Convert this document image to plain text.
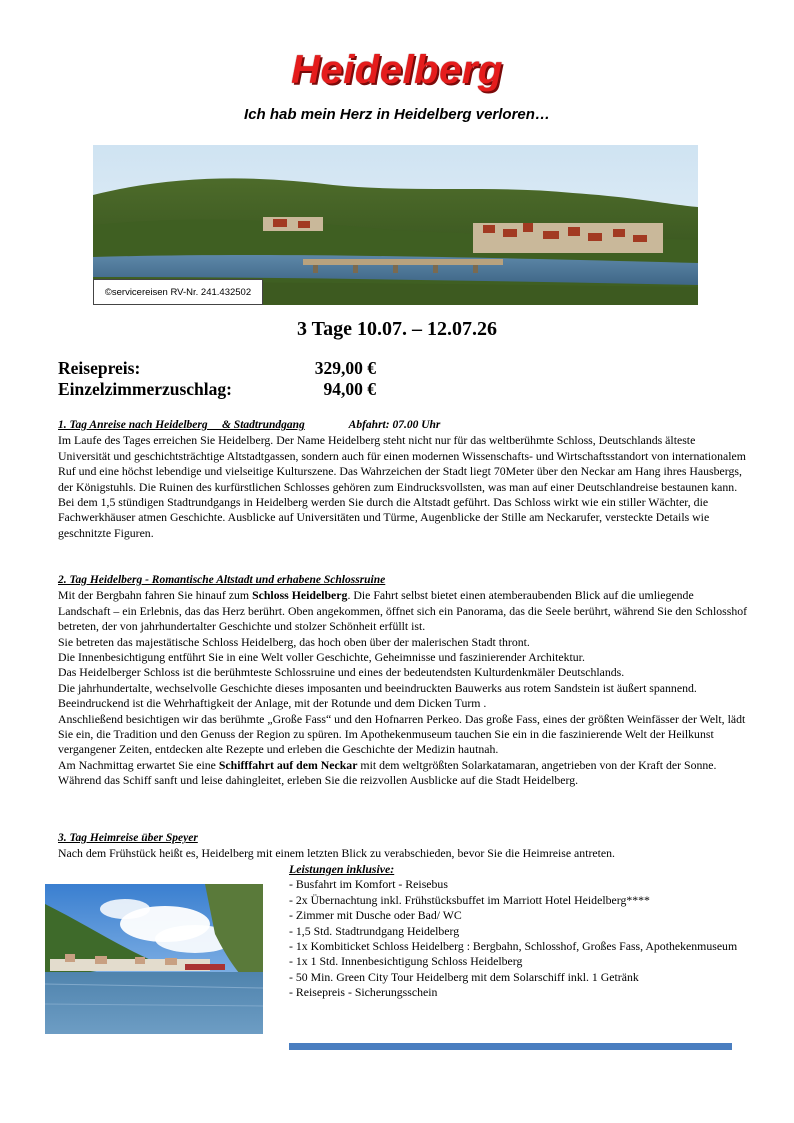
Heidelberg
Ich hab mein Herz in Heidelberg verloren…
©servicereisen RV-Nr. 241.432502
3 Tage 10.07. – 12.07.26
Reisepreis:	329,00 €
Einzelzimmerzuschlag:	94,00 €

1. Tag Anreise nach Heidelberg     & Stadtrundgang	Abfahrt: 07.00 Uhr

Im Laufe des Tages erreichen Sie Heidelberg. Der Name Heidelberg steht nicht nur für das weltberühmte Schloss, Deutschlands älteste Universität und geschichtsträchtige Altstadtgassen, sondern auch für einen modernen Wissenschafts- und Wirtschaftsstandort von internationalem Ruf und eine höchst lebendige und vielseitige Kulturszene. Das Wahrzeichen der Stadt liegt 70Meter über den Neckar am Hang ihres Hausbergs, der Königstuhls. Die Ruinen des kurfürstlichen Schlosses gehören zum Eindrucksvollsten, was man auf einer Deutschlandreise bestaunen kann.

Bei dem 1,5 stündigen Stadtrundgangs in Heidelberg werden Sie durch die Altstadt geführt. Das Schloss wirkt wie ein stiller Wächter, die Fachwerkhäuser atmen Geschichte. Ausblicke auf Universitäten und Türme, Augenblicke der Stille am Neckarufer, versteckte Details wie geschnitzte Figuren.

2. Tag Heidelberg - Romantische Altstadt und erhabene Schlossruine

Mit der Bergbahn fahren Sie hinauf zum Schloss Heidelberg. Die Fahrt selbst bietet einen atemberaubenden Blick auf die umliegende Landschaft – ein Erlebnis, das das Herz berührt. Oben angekommen, öffnet sich ein Panorama, das die Seele berührt, während Sie den Schlosshof betreten, der von jahrhundertalter Geschichte und stolzer Schönheit erfüllt ist.

Sie betreten das majestätische Schloss Heidelberg, das hoch oben über der malerischen Stadt thront.

Die Innenbesichtigung entführt Sie in eine Welt voller Geschichte, Geheimnisse und faszinierender Architektur.

Das Heidelberger Schloss ist die berühmteste Schlossruine und eines der bedeutendsten Kulturdenkmäler Deutschlands.

Die jahrhundertalte, wechselvolle Geschichte dieses imposanten und beeindruckten Bauwerks aus rotem Sandstein ist äußert spannend. Beeindruckend ist die Wehrhaftigkeit der Anlage, mit der Rotunde und dem Dicken Turm .

Anschließend besichtigen wir das berühmte „Große Fass“ und den Hofnarren Perkeo. Das große Fass, eines der größten Weinfässer der Welt, lädt Sie ein, die Tradition und den Genuss der Region zu spüren. Im Apothekenmuseum tauchen Sie ein in die faszinierende Welt der Heilkunst vergangener Zeiten, entdecken alte Rezepte und erleben die Geschichte der Medizin hautnah.

Am Nachmittag erwartet Sie eine Schifffahrt auf dem Neckar mit dem weltgrößten Solarkatamaran, angetrieben von der Kraft der Sonne. Während das Schiff sanft und leise dahingleitet, erleben Sie die reizvollen Ausblicke auf die Stadt Heidelberg.

3. Tag Heimreise über Speyer

Nach dem Frühstück heißt es, Heidelberg mit einem letzten Blick zu verabschieden, bevor Sie die Heimreise antreten.

Leistungen inklusive:
- Busfahrt im Komfort - Reisebus
- 2x Übernachtung inkl. Frühstücksbuffet im Marriott Hotel Heidelberg****
- Zimmer mit Dusche oder Bad/ WC
- 1,5 Std. Stadtrundgang Heidelberg
- 1x Kombiticket Schloss Heidelberg : Bergbahn, Schlosshof, Großes Fass, Apothekenmuseum
- 1x 1 Std. Innenbesichtigung Schloss Heidelberg
- 50 Min. Green City Tour Heidelberg mit dem Solarschiff inkl. 1 Getränk
- Reisepreis - Sicherungsschein
